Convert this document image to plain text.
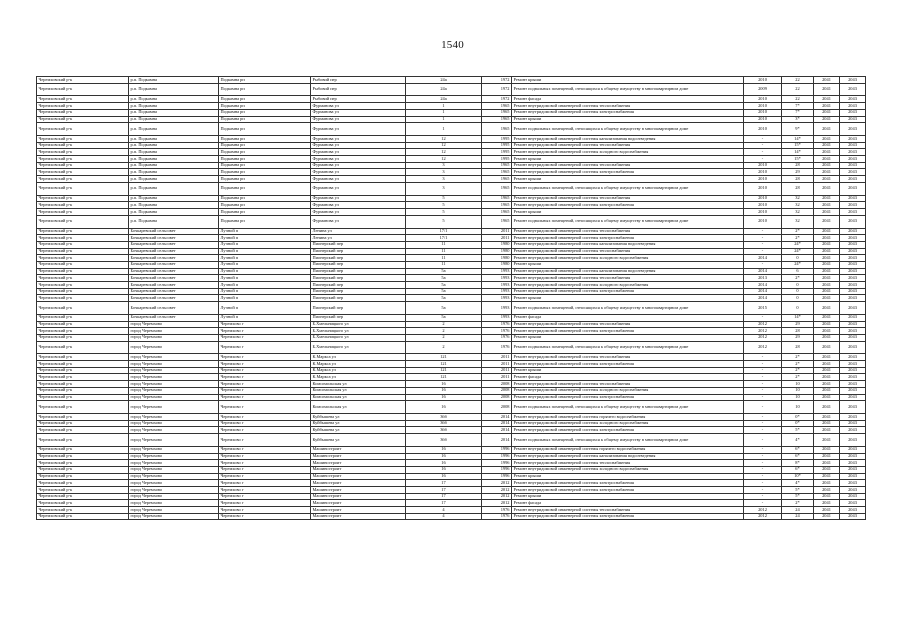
1540
Черемховский р-к	р.п. Подкамна	Подкамна рп	Рыбовий пер	24а	1972	Ремонт крыши	2010	22	2041	2043
Черемховский р-к	р.п. Подкамна	Подкамна рп	Рыбовий пер	24а	1972	Ремонт подвальных помещений, относящихся к общему имуществу в многоквартирном доме	2009	22	2041	2043
Черемховский р-к	р.п. Подкамна	Подкамна рп	Рыбовий пер	24а	1972	Ремонт фасада	2010	22	2041	2043
Черемховский р-к	р.п. Подкамна	Подкамна рп	Фурманова ул	1	1965	Ремонт внутридомовой инженерной системы теплоснабжения	2010	7*	2041	2043
Черемховский р-к	р.п. Подкамна	Подкамна рп	Фурманова ул	1	1965	Ремонт внутридомовой инженерной системы электроснабжения	2010	7*	2041	2043
Черемховский р-к	р.п. Подкамна	Подкамна рп	Фурманова ул	1	1965	Ремонт крыши	2010	3*	2041	2043
Черемховский р-к	р.п. Подкамна	Подкамна рп	Фурманова ул	1	1965	Ремонт подвальных помещений, относящихся к общему имуществу в многоквартирном доме	2010	9*	2041	2043
Черемховский р-к	р.п. Подкамна	Подкамна рп	Фурманова ул	12	1995	Ремонт внутридомовой инженерной системы канализования водоотведения	-	14*	2041	2043
Черемховский р-к	р.п. Подкамна	Подкамна рп	Фурманова ул	12	1995	Ремонт внутридомовой инженерной системы теплоснабжения	-	15*	2041	2043
Черемховский р-к	р.п. Подкамна	Подкамна рп	Фурманова ул	12	1995	Ремонт внутридомовой инженерной системы холодного водоснабжения	-	14*	2041	2043
Черемховский р-к	р.п. Подкамна	Подкамна рп	Фурманова ул	12	1995	Ремонт крыши	-	15*	2041	2043
Черемховский р-к	р.п. Подкамна	Подкамна рп	Фурманова ул	3	1965	Ремонт внутридомовой инженерной системы теплоснабжения	2010	28	2041	2043
Черемховский р-к	р.п. Подкамна	Подкамна рп	Фурманова ул	3	1965	Ремонт внутридомовой инженерной системы электроснабжения	2010	29	2041	2043
Черемховский р-к	р.п. Подкамна	Подкамна рп	Фурманова ул	3	1965	Ремонт крыши	2010	28	2041	2043
Черемховский р-к	р.п. Подкамна	Подкамна рп	Фурманова ул	3	1965	Ремонт подвальных помещений, относящихся к общему имуществу в многоквартирном доме	2010	28	2041	2043
Черемховский р-к	р.п. Подкамна	Подкамна рп	Фурманова ул	5	1965	Ремонт внутридомовой инженерной системы теплоснабжения	2010	32	2041	2043
Черемховский р-к	р.п. Подкамна	Подкамна рп	Фурманова ул	5	1965	Ремонт внутридомовой инженерной системы электроснабжения	2010	32	2041	2043
Черемховский р-к	р.п. Подкамна	Подкамна рп	Фурманова ул	5	1965	Ремонт крыши	2010	32	2041	2043
Черемховский р-к	р.п. Подкамна	Подкамна рп	Фурманова ул	5	1965	Ремонт подвальных помещений, относящихся к общему имуществу в многоквартирном доме	2010	32	2041	2043
Черемховский р-к	Бочкаревский сельсовет	Лучной п	Ленина ул	17/1	2011	Ремонт внутридомовой инженерной системы теплоснабжения	-	2*	2041	2043
Черемховский р-к	Бочкаревский сельсовет	Лучной п	Ленина ул	17/1	2011	Ремонт внутридомовой инженерной системы электроснабжения	-	2*	2041	2043
Черемховский р-к	Бочкаревский сельсовет	Лучной п	Пионерский пер	11	1980	Ремонт внутридомовой инженерной системы канализования водоотведения	-	24*	2041	2043
Черемховский р-к	Бочкаревский сельсовет	Лучной п	Пионерский пер	11	1980	Ремонт внутридомовой инженерной системы теплоснабжения	-	24*	2041	2043
Черемховский р-к	Бочкаревский сельсовет	Лучной п	Пионерский пер	11	1980	Ремонт внутридомовой инженерной системы холодного водоснабжения	2014	0	2041	2043
Черемховский р-к	Бочкаревский сельсовет	Лучной п	Пионерский пер	11	1980	Ремонт крыши	-	24*	2041	2043
Черемховский р-к	Бочкаревский сельсовет	Лучной п	Пионерский пер	5а	1993	Ремонт внутридомовой инженерной системы канализования водоотведения	2014	6	2041	2043
Черемховский р-к	Бочкаревский сельсовет	Лучной п	Пионерский пер	5а	1993	Ремонт внутридомовой инженерной системы теплоснабжения	2013	2*	2041	2043
Черемховский р-к	Бочкаревский сельсовет	Лучной п	Пионерский пер	5а	1993	Ремонт внутридомовой инженерной системы холодного водоснабжения	2014	0	2041	2043
Черемховский р-к	Бочкаревский сельсовет	Лучной п	Пионерский пер	5а	1993	Ремонт внутридомовой инженерной системы электроснабжения	2014	0	2041	2043
Черемховский р-к	Бочкаревский сельсовет	Лучной п	Пионерский пер	5а	1993	Ремонт крыши	2014	0	2041	2043
Черемховский р-к	Бочкаревский сельсовет	Лучной п	Пионерский пер	5а	1993	Ремонт подвальных помещений, относящихся к общему имуществу в многоквартирном доме	2015	0	2041	2043
Черемховский р-к	Бочкаревский сельсовет	Лучной п	Пионерский пер	5а	1993	Ремонт фасада	-	14*	2041	2043
Черемховский р-к	город Черемхово	Черемхово г	Б.Хмельницкого ул	2	1976	Ремонт внутридомовой инженерной системы теплоснабжения	2012	29	2041	2043
Черемховский р-к	город Черемхово	Черемхово г	Б.Хмельницкого ул	2	1976	Ремонт внутридомовой инженерной системы электроснабжения	2012	28	2041	2043
Черемховский р-к	город Черемхово	Черемхово г	Б.Хмельницкого ул	2	1976	Ремонт крыши	2012	29	2041	2043
Черемховский р-к	город Черемхово	Черемхово г	Б.Хмельницкого ул	2	1976	Ремонт подвальных помещений, относящихся к общему имуществу в многоквартирном доме	2012	28	2041	2043
Черемховский р-к	город Черемхово	Черемхово г	К.Маркса ул	121	2011	Ремонт внутридомовой инженерной системы теплоснабжения	-	2*	2041	2043
Черемховский р-к	город Черемхово	Черемхово г	К.Маркса ул	121	2011	Ремонт внутридомовой инженерной системы электроснабжения	-	2*	2041	2043
Черемховский р-к	город Черемхово	Черемхово г	К.Маркса ул	121	2011	Ремонт крыши	-	2*	2041	2043
Черемховский р-к	город Черемхово	Черемхово г	К.Маркса ул	121	2011	Ремонт фасада	-	2*	2041	2043
Черемховский р-к	город Черемхово	Черемхово г	Комсомольская ул	16	2008	Ремонт внутридомовой инженерной системы теплоснабжения	-	10	2041	2043
Черемховский р-к	город Черемхово	Черемхово г	Комсомольская ул	16	2008	Ремонт внутридомовой инженерной системы холодного водоснабжения	-	10	2041	2043
Черемховский р-к	город Черемхово	Черемхово г	Комсомольская ул	16	2008	Ремонт внутридомовой инженерной системы электроснабжения	-	10	2041	2043
Черемховский р-к	город Черемхово	Черемхово г	Комсомольская ул	16	2008	Ремонт подвальных помещений, относящихся к общему имуществу в многоквартирном доме	-	10	2041	2043
Черемховский р-к	город Черемхово	Черемхово г	Куйбышева ул	36б	2014	Ремонт внутридомовой инженерной системы горячего водоснабжения	-	0*	2041	2043
Черемховский р-к	город Черемхово	Черемхово г	Куйбышева ул	36б	2014	Ремонт внутридомовой инженерной системы холодного водоснабжения	-	0*	2041	2043
Черемховский р-к	город Черемхово	Черемхово г	Куйбышева ул	36б	2014	Ремонт внутридомовой инженерной системы электроснабжения	-	5*	2041	2043
Черемховский р-к	город Черемхово	Черемхово г	Куйбышева ул	36б	2014	Ремонт подвальных помещений, относящихся к общему имуществу в многоквартирном доме	-	4*	2041	2043
Черемховский р-к	город Черемхово	Черемхово г	Машиностроит	16	1996	Ремонт внутридомовой инженерной системы горячего водоснабжения	-	6*	2041	2043
Черемховский р-к	город Черемхово	Черемхово г	Машиностроит	16	1996	Ремонт внутридомовой инженерной системы канализования водоотведения	-	6*	2041	2043
Черемховский р-к	город Черемхово	Черемхово г	Машиностроит	16	1996	Ремонт внутридомовой инженерной системы теплоснабжения	-	8*	2041	2043
Черемховский р-к	город Черемхово	Черемхово г	Машиностроит	16	1996	Ремонт внутридомовой инженерной системы холодного водоснабжения	-	6*	2041	2043
Черемховский р-к	город Черемхово	Черемхово г	Машиностроит	16	1996	Ремонт крыши	-	10*	2041	2043
Черемховский р-к	город Черемхово	Черемхово г	Машиностроит	17	2012	Ремонт внутридомовой инженерной системы электроснабжения	-	4*	2041	2043
Черемховский р-к	город Черемхово	Черемхово г	Машиностроит	17	2012	Ремонт внутридомовой инженерной системы электроснабжения	-	5*	2041	2043
Черемховский р-к	город Черемхово	Черемхово г	Машиностроит	17	2012	Ремонт крыши	-	5*	2041	2043
Черемховский р-к	город Черемхово	Черемхово г	Машиностроит	17	2012	Ремонт фасада	-	2*	2041	2043
Черемховский р-к	город Черемхово	Черемхово г	Машиностроит	4	1976	Ремонт внутридомовой инженерной системы теплоснабжения	2012	24	2041	2043
Черемховский р-к	город Черемхово	Черемхово г	Машиностроит	4	1976	Ремонт внутридомовой инженерной системы электроснабжения	2012	24	2041	2043
